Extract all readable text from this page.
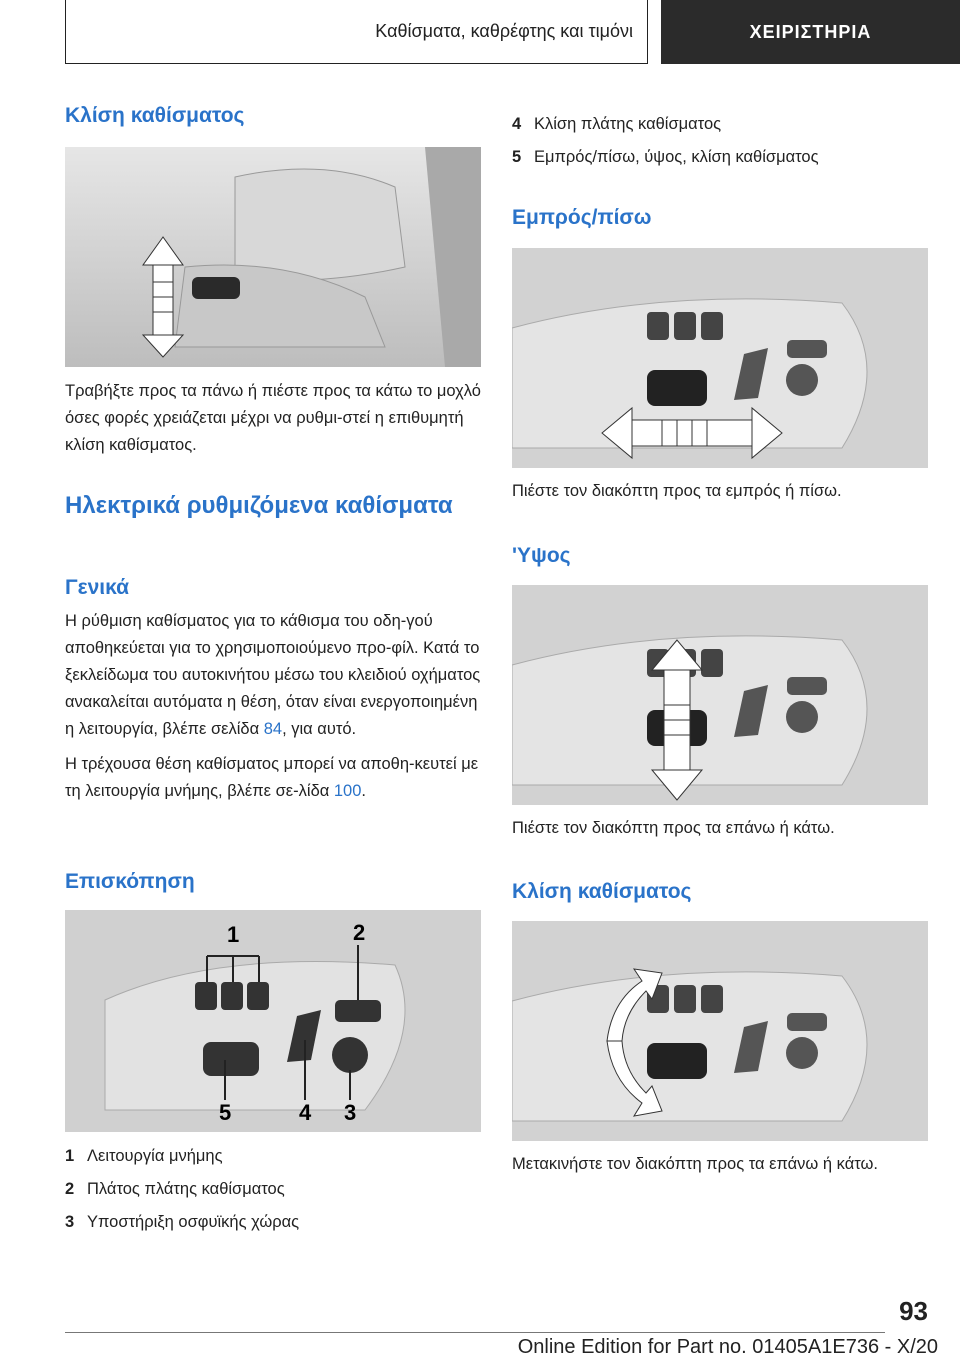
Καθίσματα, καθρέφτης και τιμόνι	ΧΕΙΡΙΣΤΗΡΙΑ
Κλίση καθίσματος

Τραβήξτε προς τα πάνω ή πιέστε προς τα κάτω το μοχλό όσες φορές χρειάζεται μέχρι να ρυθμι-στεί η επιθυμητή κλίση καθίσματος.

Ηλεκτρικά ρυθμιζόμενα καθίσματα
Γενικά

Η ρύθμιση καθίσματος για το κάθισμα του οδη-γού αποθηκεύεται για το χρησιμοποιούμενο προ-φίλ. Κατά το ξεκλείδωμα του αυτοκινήτου μέσω του κλειδιού οχήματος ανακαλείται αυτόματα η θέση, όταν είναι ενεργοποιημένη η λειτουργία, βλέπε σελίδα 84, για αυτό.

Η τρέχουσα θέση καθίσματος μπορεί να αποθη-κευτεί με τη λειτουργία μνήμης, βλέπε σε-λίδα 100.

Επισκόπηση
1	2
5	4 3
1 Λειτουργία μνήμης
2 Πλάτος πλάτης καθίσματος
3 Υποστήριξη οσφυϊκής χώρας
4 Κλίση πλάτης καθίσματος
5 Εμπρός/πίσω, ύψος, κλίση καθίσματος
Εμπρός/πίσω

Πιέστε τον διακόπτη προς τα εμπρός ή πίσω.

'Υψος

Πιέστε τον διακόπτη προς τα επάνω ή κάτω.

Κλίση καθίσματος

Μετακινήστε τον διακόπτη προς τα επάνω ή κάτω.

93
Online Edition for Part no. 01405A1E736 - X/20
